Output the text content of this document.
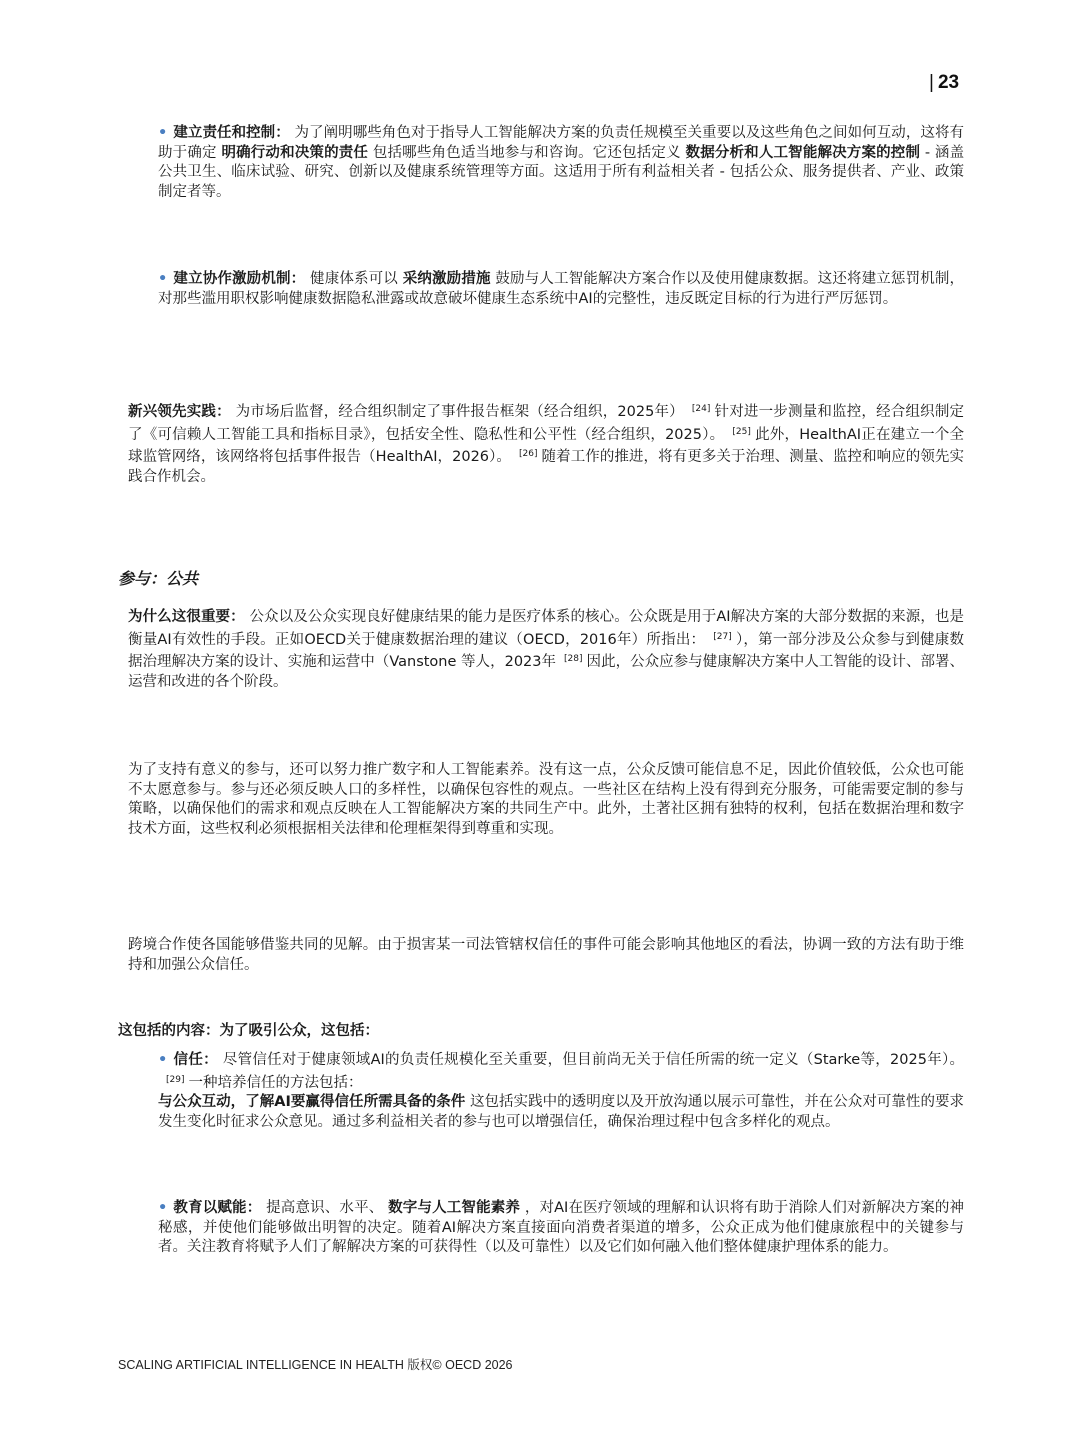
| 23
• 建立责任和控制： 为了阐明哪些角色对于指导人工智能解决方案的负责任规模至关重要以及这些角色之间如何互动，这将有助于确定 明确行动和决策的责任 包括哪些角色适当地参与和咨询。它还包括定义 数据分析和人工智能解决方案的控制 - 涵盖公共卫生、临床试验、研究、创新以及健康系统管理等方面。这适用于所有利益相关者 - 包括公众、服务提供者、产业、政策制定者等。
• 建立协作激励机制： 健康体系可以 采纳激励措施 鼓励与人工智能解决方案合作以及使用健康数据。这还将建立惩罚机制，对那些滥用职权影响健康数据隐私泄露或故意破坏健康生态系统中AI的完整性，违反既定目标的行为进行严厉惩罚。
新兴领先实践： 为市场后监督，经合组织制定了事件报告框架（经合组织，2025年） [24] 针对进一步测量和监控，经合组织制定了《可信赖人工智能工具和指标目录》，包括安全性、隐私性和公平性（经合组织，2025）。 [25] 此外，HealthAI正在建立一个全球监管网络，该网络将包括事件报告（HealthAI，2026）。 [26] 随着工作的推进，将有更多关于治理、测量、监控和响应的领先实践合作机会。
参与：公共
为什么这很重要： 公众以及公众实现良好健康结果的能力是医疗体系的核心。公众既是用于AI解决方案的大部分数据的来源，也是衡量AI有效性的手段。正如OECD关于健康数据治理的建议（OECD，2016年）所指出： [27] ），第一部分涉及公众参与到健康数据治理解决方案的设计、实施和运营中（Vanstone 等人，2023年 [28] 因此，公众应参与健康解决方案中人工智能的设计、部署、运营和改进的各个阶段。
为了支持有意义的参与，还可以努力推广数字和人工智能素养。没有这一点，公众反馈可能信息不足，因此价值较低，公众也可能不太愿意参与。参与还必须反映人口的多样性，以确保包容性的观点。一些社区在结构上没有得到充分服务，可能需要定制的参与策略，以确保他们的需求和观点反映在人工智能解决方案的共同生产中。此外，土著社区拥有独特的权利，包括在数据治理和数字技术方面，这些权利必须根据相关法律和伦理框架得到尊重和实现。
跨境合作使各国能够借鉴共同的见解。由于损害某一司法管辖权信任的事件可能会影响其他地区的看法，协调一致的方法有助于维持和加强公众信任。
这包括的内容：为了吸引公众，这包括：
• 信任： 尽管信任对于健康领域AI的负责任规模化至关重要，但目前尚无关于信任所需的统一定义（Starke等，2025年）。[29] 一种培养信任的方法包括：
与公众互动，了解AI要赢得信任所需具备的条件 这包括实践中的透明度以及开放沟通以展示可靠性，并在公众对可靠性的要求发生变化时征求公众意见。通过多利益相关者的参与也可以增强信任，确保治理过程中包含多样化的观点。
• 教育以赋能： 提高意识、水平、 数字与人工智能素养 ，对AI在医疗领域的理解和认识将有助于消除人们对新解决方案的神秘感，并使他们能够做出明智的决定。随着AI解决方案直接面向消费者渠道的增多，公众正成为他们健康旅程中的关键参与者。关注教育将赋予人们了解解决方案的可获得性（以及可靠性）以及它们如何融入他们整体健康护理体系的能力。
SCALING ARTIFICIAL INTELLIGENCE IN HEALTH 版权© OECD 2026
